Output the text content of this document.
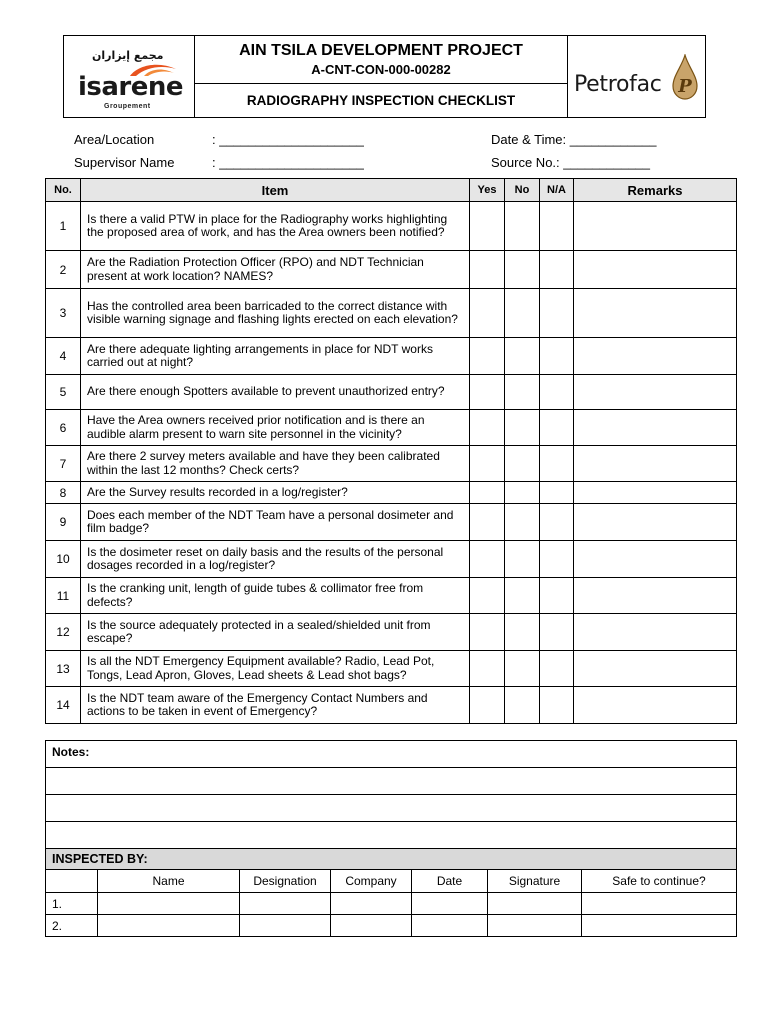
مجمع إيزاران
isarene
Groupement
AIN TSILA DEVELOPMENT PROJECT
A-CNT-CON-000-00282
RADIOGRAPHY INSPECTION CHECKLIST
Petrofac P
Area/Location	: ____________________
Supervisor Name	: ____________________
Date & Time: ____________
Source No.: ____________
No.	Item	Yes	No	N/A	Remarks
1	Is there a valid PTW in place for the Radiography works highlighting the proposed area of work, and has the Area owners been notified?				
2	Are the Radiation Protection Officer (RPO) and NDT Technician present at work location? NAMES?				
3	Has the controlled area been barricaded to the correct distance with visible warning signage and flashing lights erected on each elevation?				
4	Are there adequate lighting arrangements in place for NDT works carried out at night?				
5	Are there enough Spotters available to prevent unauthorized entry?				
6	Have the Area owners received prior notification and is there an audible alarm present to warn site personnel in the vicinity?				
7	Are there 2 survey meters available and have they been calibrated within the last 12 months? Check certs?				
8	Are the Survey results recorded in a log/register?				
9	Does each member of the NDT Team have a personal dosimeter and film badge?				
10	Is the dosimeter reset on daily basis and the results of the personal dosages recorded in a log/register?				
11	Is the cranking unit, length of guide tubes & collimator free from defects?				
12	Is the source adequately protected in a sealed/shielded unit from escape?				
13	Is all the NDT Emergency Equipment available? Radio, Lead Pot, Tongs, Lead Apron, Gloves, Lead sheets & Lead shot bags?				
14	Is the NDT team aware of the Emergency Contact Numbers and actions to be taken in event of Emergency?				
Notes:						

INSPECTED BY:						
	Name	Designation	Company	Date	Signature	Safe to continue?
1.						
2.						
